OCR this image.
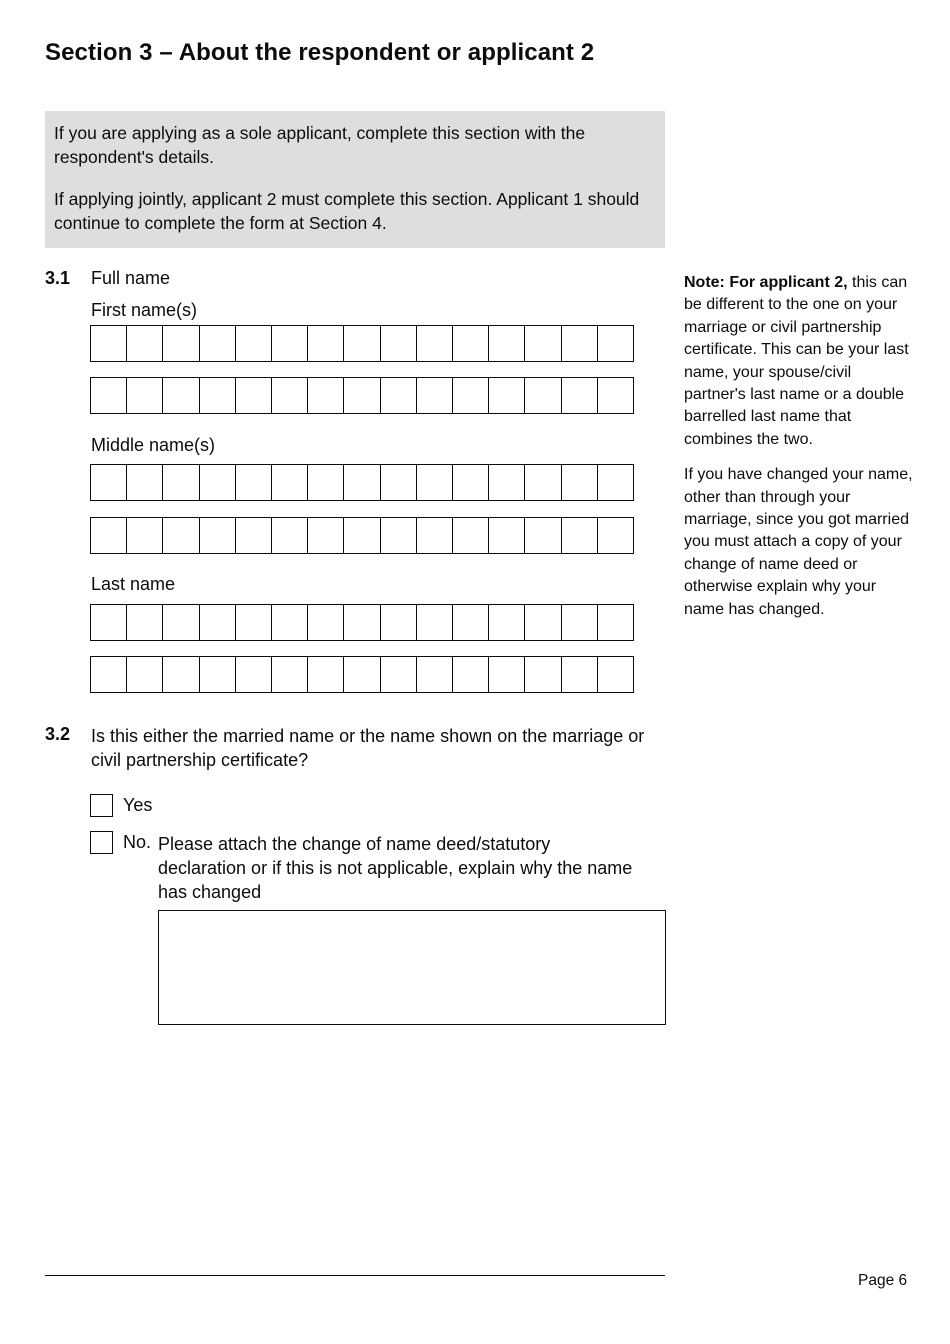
Section 3 – About the respondent or applicant 2

If you are applying as a sole applicant, complete this section with the respondent's details.

If applying jointly, applicant 2 must complete this section. Applicant 1 should continue to complete the form at Section 4.

3.1 Full name
First name(s)
Middle name(s)
Last name

Note: For applicant 2, this can be different to the one on your marriage or civil partnership certificate. This can be your last name, your spouse/civil partner's last name or a double barrelled last name that combines the two.

If you have changed your name, other than through your marriage, since you got married you must attach a copy of your change of name deed or otherwise explain why your name has changed.

3.2 Is this either the married name or the name shown on the marriage or civil partnership certificate?
Yes
No. Please attach the change of name deed/statutory declaration or if this is not applicable, explain why the name has changed
Page 6
